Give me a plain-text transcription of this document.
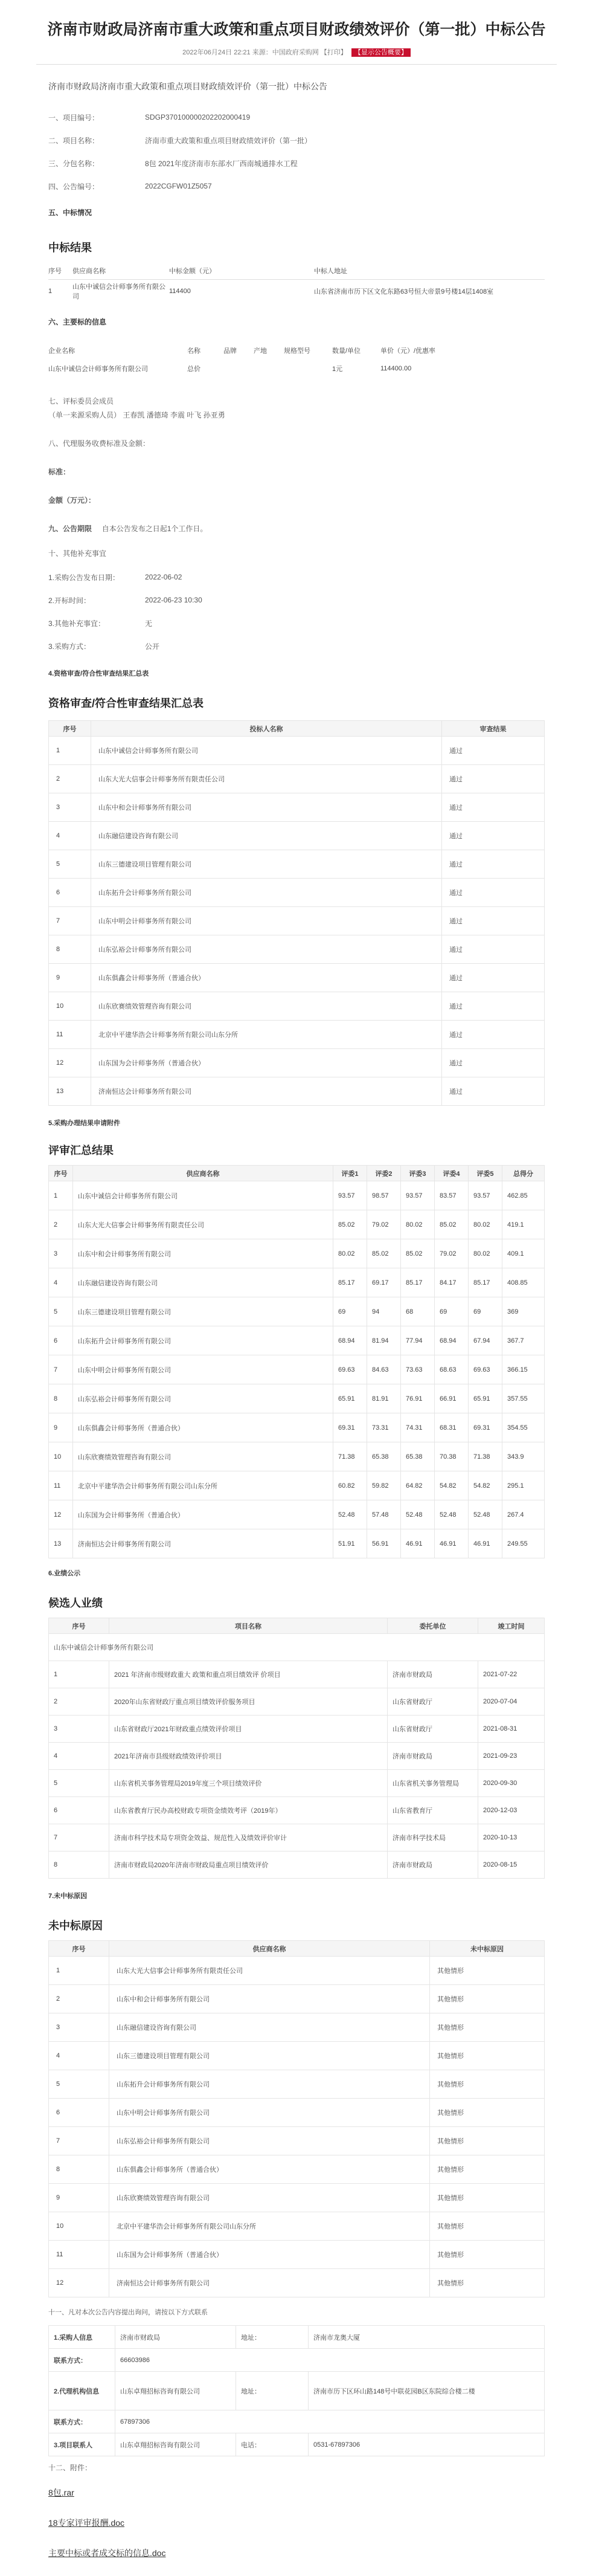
济南市财政局济南市重大政策和重点项目财政绩效评价（第一批）中标公告
2022年06月24日 22:21 来源：中国政府采购网 【打印】 【显示公告概要】
济南市财政局济南市重大政策和重点项目财政绩效评价（第一批）中标公告
一、项目编号：	SDGP370100000202202000419
二、项目名称：	济南市重大政策和重点项目财政绩效评价（第一批）
三、分包名称：	8包 2021年度济南市东部水厂西南城通排水工程
四、公告编号：	2022CGFW01Z5057
五、中标情况
中标结果
序号	供应商名称	中标金额（元）	中标人地址
1	山东中诚信会计师事务所有限公司	114400	山东省济南市历下区文化东路63号恒大帝景9号楼14层1408室
六、主要标的信息
企业名称	名称	品牌	产地	规格型号	数量/单位	单价（元）/优惠率
山东中诚信会计师事务所有限公司	总价				1元	114400.00
七、评标委员会成员
（单一来源采购人员） 王春凯 潘德琦 李震 叶飞 孙亚勇
八、代理服务收费标准及金额：
标准：
金额（万元）：
九、公告期限 自本公告发布之日起1个工作日。
十、其他补充事宜
1.采购公告发布日期：	2022-06-02
2.开标时间：	2022-06-23 10:30
3.其他补充事宜：	无
3.采购方式：	公开
4.资格审查/符合性审查结果汇总表
资格审查/符合性审查结果汇总表
序号	投标人名称	审查结果
1	山东中诚信会计师事务所有限公司	通过
2	山东大光大信事会计师事务所有限责任公司	通过
3	山东中和会计师事务所有限公司	通过
4	山东融信建设咨询有限公司	通过
5	山东三德建设项目管理有限公司	通过
6	山东拓升会计师事务所有限公司	通过
7	山东中明会计师事务所有限公司	通过
8	山东弘裕会计师事务所有限公司	通过
9	山东俱鑫会计师事务所（普通合伙）	通过
10	山东欣赛绩效管理咨询有限公司	通过
11	北京中平建华浩会计师事务所有限公司山东分所	通过
12	山东国为会计师事务所（普通合伙）	通过
13	济南恒达会计师事务所有限公司	通过
5.采购办理结果申请附件
评审汇总结果
序号	供应商名称	评委1	评委2	评委3	评委4	评委5	总得分
1	山东中诚信会计师事务所有限公司	93.57	98.57	93.57	83.57	93.57	462.85
2	山东大光大信事会计师事务所有限责任公司	85.02	79.02	80.02	85.02	80.02	419.1
3	山东中和会计师事务所有限公司	80.02	85.02	85.02	79.02	80.02	409.1
4	山东融信建设咨询有限公司	85.17	69.17	85.17	84.17	85.17	408.85
5	山东三德建设项目管理有限公司	69	94	68	69	69	369
6	山东拓升会计师事务所有限公司	68.94	81.94	77.94	68.94	67.94	367.7
7	山东中明会计师事务所有限公司	69.63	84.63	73.63	68.63	69.63	366.15
8	山东弘裕会计师事务所有限公司	65.91	81.91	76.91	66.91	65.91	357.55
9	山东俱鑫会计师事务所（普通合伙）	69.31	73.31	74.31	68.31	69.31	354.55
10	山东欣赛绩效管理咨询有限公司	71.38	65.38	65.38	70.38	71.38	343.9
11	北京中平建华浩会计师事务所有限公司山东分所	60.82	59.82	64.82	54.82	54.82	295.1
12	山东国为会计师事务所（普通合伙）	52.48	57.48	52.48	52.48	52.48	267.4
13	济南恒达会计师事务所有限公司	51.91	56.91	46.91	46.91	46.91	249.55
6.业绩公示
候选人业绩
序号	项目名称	委托单位	竣工时间
山东中诚信会计师事务所有限公司			
1	2021 年济南市级财政重大 政策和重点项目绩效评 价项目	济南市财政局	2021-07-22
2	2020年山东省财政厅重点项目绩效评价服务项目	山东省财政厅	2020-07-04
3	山东省财政厅2021年财政重点绩效评价项目	山东省财政厅	2021-08-31
4	2021年济南市县级财政绩效评价项目	济南市财政局	2021-09-23
5	山东省机关事务管理局2019年度三个项目绩效评价	山东省机关事务管理局	2020-09-30
6	山东省教育厅民办高校财政专项资金绩效考评（2019年）	山东省教育厅	2020-12-03
7	济南市科学技术局专项资金效益、规范性入及绩效评价审计	济南市科学技术局	2020-10-13
8	济南市财政局2020年济南市财政局重点项目绩效评价	济南市财政局	2020-08-15
7.未中标原因
未中标原因
序号	供应商名称	未中标原因
1	山东大光大信事会计师事务所有限责任公司	其他情形
2	山东中和会计师事务所有限公司	其他情形
3	山东融信建设咨询有限公司	其他情形
4	山东三德建设项目管理有限公司	其他情形
5	山东拓升会计师事务所有限公司	其他情形
6	山东中明会计师事务所有限公司	其他情形
7	山东弘裕会计师事务所有限公司	其他情形
8	山东俱鑫会计师事务所（普通合伙）	其他情形
9	山东欣赛绩效管理咨询有限公司	其他情形
10	北京中平建华浩会计师事务所有限公司山东分所	其他情形
11	山东国为会计师事务所（普通合伙）	其他情形
12	济南恒达会计师事务所有限公司	其他情形
十一、凡对本次公告内容提出询问，请按以下方式联系
1.采购人信息	济南市财政局	地址：	济南市龙奥大厦
联系方式：	66603986		
2.代理机构信息	山东卓翔招标咨询有限公司	地址：	济南市历下区环山路148号中联花园B区东院综合楼二楼
联系方式：	67897306		
3.项目联系人	山东卓翔招标咨询有限公司	电话：	0531-67897306
十二、附件：
8包.rar
18专家评审报酬.doc
主要中标或者成交标的信息.doc
